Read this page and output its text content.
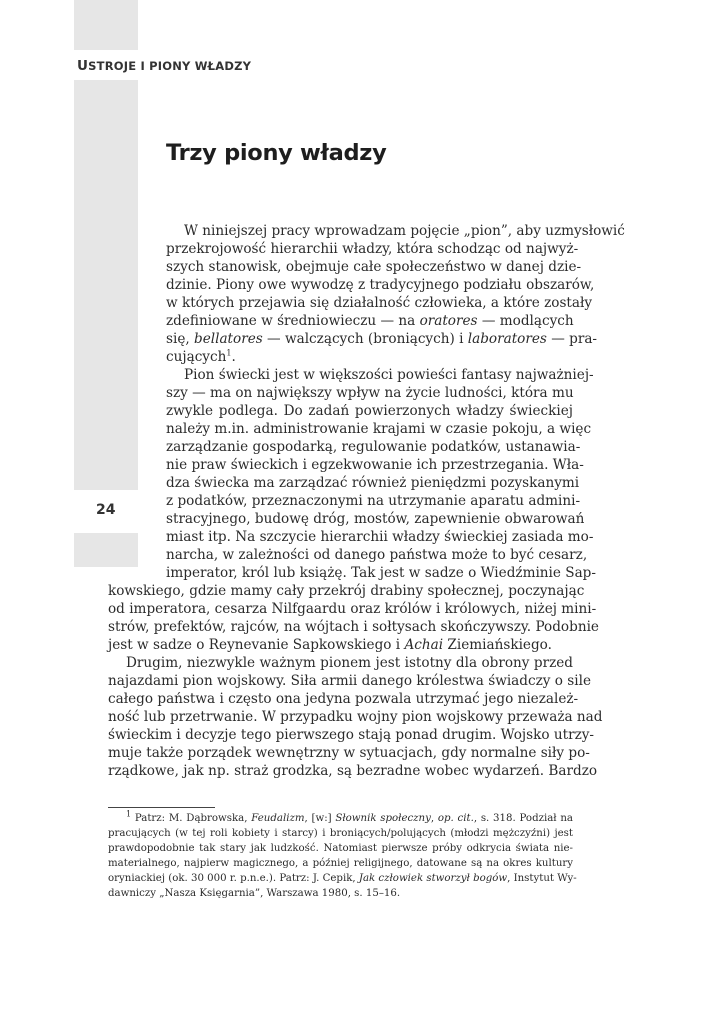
USTROJE I PIONY WŁADZY
Trzy piony władzy
24
W niniejszej pracy wprowadzam pojęcie „pion”, aby uzmysłowić
przekrojowość hierarchii władzy, która schodząc od najwyż-
szych stanowisk, obejmuje całe społeczeństwo w danej dzie-
dzinie. Piony owe wywodzę z tradycyjnego podziału obszarów,
w których przejawia się działalność człowieka, a które zostały
zdefiniowane w średniowieczu — na oratores — modlących
się, bellatores — walczących (broniących) i laboratores — pra-
cujących$^1$.
Pion świecki jest w większości powieści fantasy najważniej-
szy — ma on największy wpływ na życie ludności, która mu
zwykle podlega. Do zadań powierzonych władzy świeckiej
należy m.in. administrowanie krajami w czasie pokoju, a więc
zarządzanie gospodarką, regulowanie podatków, ustanawia-
nie praw świeckich i egzekwowanie ich przestrzegania. Wła-
dza świecka ma zarządzać również pieniędzmi pozyskanymi
z podatków, przeznaczonymi na utrzymanie aparatu admini-
stracyjnego, budowę dróg, mostów, zapewnienie obwarowań
miast itp. Na szczycie hierarchii władzy świeckiej zasiada mo-
narcha, w zależności od danego państwa może to być cesarz,
imperator, król lub książę. Tak jest w sadze o Wiedźminie Sap-
kowskiego, gdzie mamy cały przekrój drabiny społecznej, poczynając
od imperatora, cesarza Nilfgaardu oraz królów i królowych, niżej mini-
strów, prefektów, rajców, na wójtach i sołtysach skończywszy. Podobnie
jest w sadze o Reynevanie Sapkowskiego i Achai Ziemiańskiego.
Drugim, niezwykle ważnym pionem jest istotny dla obrony przed
najazdami pion wojskowy. Siła armii danego królestwa świadczy o sile
całego państwa i często ona jedyna pozwala utrzymać jego niezależ-
ność lub przetrwanie. W przypadku wojny pion wojskowy przeważa nad
świeckim i decyzje tego pierwszego stają ponad drugim. Wojsko utrzy-
muje także porządek wewnętrzny w sytuacjach, gdy normalne siły po-
rządkowe, jak np. straż grodzka, są bezradne wobec wydarzeń. Bardzo
$^1$ Patrz: M. Dąbrowska, Feudalizm, [w:] Słownik społeczny, op. cit., s. 318. Podział na
pracujących (w tej roli kobiety i starcy) i broniących/polujących (młodzi mężczyźni) jest
prawdopodobnie tak stary jak ludzkość. Natomiast pierwsze próby odkrycia świata nie-
materialnego, najpierw magicznego, a później religijnego, datowane są na okres kultury
oryniackiej (ok. 30 000 r. p.n.e.). Patrz: J. Cepik, Jak człowiek stworzył bogów, Instytut Wy-
dawniczy „Nasza Księgarnia”, Warszawa 1980, s. 15–16.
